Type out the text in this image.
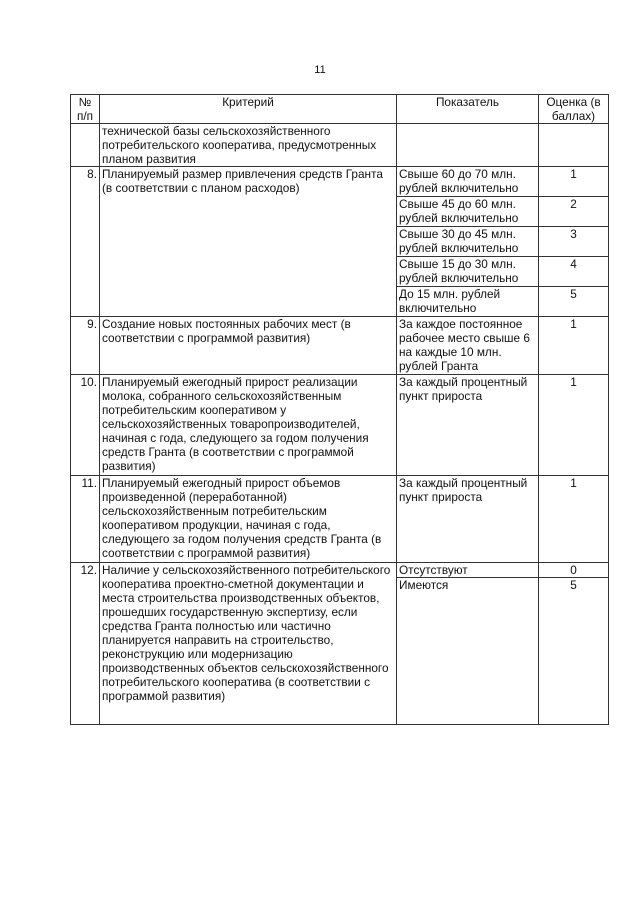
11
№ п/п	Критерий	Показатель	Оценка (в баллах)
	технической базы сельскохозяйственного потребительского кооператива, предусмотренных планом развития		
8.	Планируемый размер привлечения средств Гранта (в соответствии с планом расходов)	Свыше 60 до 70 млн. рублей включительно	1
		Свыше 45 до 60 млн. рублей включительно	2
		Свыше 30 до 45 млн. рублей включительно	3
		Свыше 15 до 30 млн. рублей включительно	4
		До 15 млн. рублей включительно	5
9.	Создание новых постоянных рабочих мест (в соответствии с программой развития)	За каждое постоянное рабочее место свыше 6 на каждые 10 млн. рублей Гранта	1
10.	Планируемый ежегодный прирост реализации молока, собранного сельскохозяйственным потребительским кооперативом у сельскохозяйственных товаропроизводителей, начиная с года, следующего за годом получения средств Гранта (в соответствии с программой развития)	За каждый процентный пункт прироста	1
11.	Планируемый ежегодный прирост объемов произведенной (переработанной) сельскохозяйственным потребительским кооперативом продукции, начиная с года, следующего за годом получения средств Гранта (в соответствии с программой развития)	За каждый процентный пункт прироста	1
12.	Наличие у сельскохозяйственного потребительского кооператива проектно-сметной документации и места строительства производственных объектов, прошедших государственную экспертизу, если средства Гранта полностью или частично планируется направить на строительство, реконструкцию или модернизацию производственных объектов сельскохозяйственного потребительского кооператива (в соответствии с программой развития)	Отсутствуют	0
		Имеются	5
